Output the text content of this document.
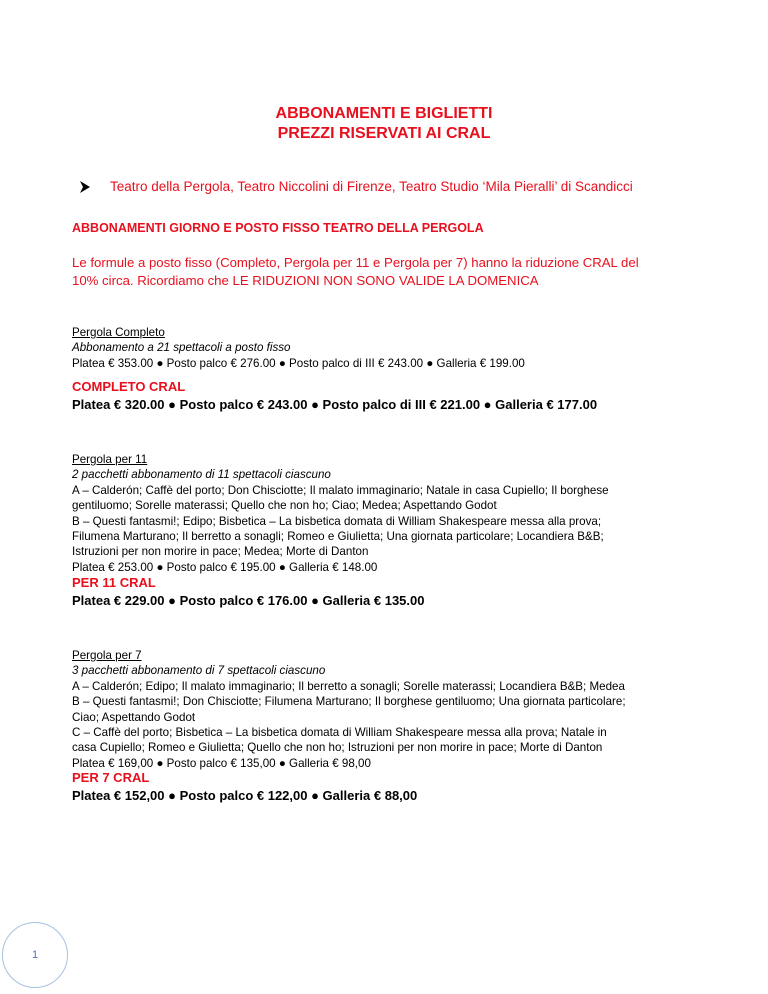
ABBONAMENTI E BIGLIETTI
PREZZI RISERVATI AI CRAL
Teatro della Pergola, Teatro Niccolini di Firenze, Teatro Studio ‘Mila Pieralli’ di Scandicci
ABBONAMENTI GIORNO E POSTO FISSO TEATRO DELLA PERGOLA

Le formule a posto fisso (Completo, Pergola per 11 e Pergola per 7) hanno la riduzione CRAL del

10% circa. Ricordiamo che LE RIDUZIONI NON SONO VALIDE LA DOMENICA

Pergola Completo
Abbonamento a 21 spettacoli a posto fisso
Platea € 353.00 ● Posto palco € 276.00 ● Posto palco di III € 243.00 ● Galleria € 199.00
COMPLETO CRAL
Platea € 320.00 ● Posto palco € 243.00 ● Posto palco di III € 221.00 ● Galleria € 177.00
Pergola per 11
2 pacchetti abbonamento di 11 spettacoli ciascuno
A – Calderón; Caffè del porto; Don Chisciotte; Il malato immaginario; Natale in casa Cupiello; Il borghese
gentiluomo; Sorelle materassi; Quello che non ho; Ciao; Medea; Aspettando Godot
B – Questi fantasmi!; Edipo; Bisbetica – La bisbetica domata di William Shakespeare messa alla prova;
Filumena Marturano; Il berretto a sonagli; Romeo e Giulietta; Una giornata particolare; Locandiera B&B;
Istruzioni per non morire in pace; Medea; Morte di Danton
Platea € 253.00 ● Posto palco € 195.00 ● Galleria € 148.00
PER 11 CRAL
Platea € 229.00 ● Posto palco € 176.00 ● Galleria € 135.00
Pergola per 7
3 pacchetti abbonamento di 7 spettacoli ciascuno
A – Calderón; Edipo; Il malato immaginario; Il berretto a sonagli; Sorelle materassi; Locandiera B&B; Medea
B – Questi fantasmi!; Don Chisciotte; Filumena Marturano; Il borghese gentiluomo; Una giornata particolare;
Ciao; Aspettando Godot
C – Caffè del porto; Bisbetica – La bisbetica domata di William Shakespeare messa alla prova; Natale in
casa Cupiello; Romeo e Giulietta; Quello che non ho; Istruzioni per non morire in pace; Morte di Danton
Platea € 169,00 ● Posto palco € 135,00 ● Galleria € 98,00
PER 7 CRAL
Platea € 152,00 ● Posto palco € 122,00 ● Galleria € 88,00
1
